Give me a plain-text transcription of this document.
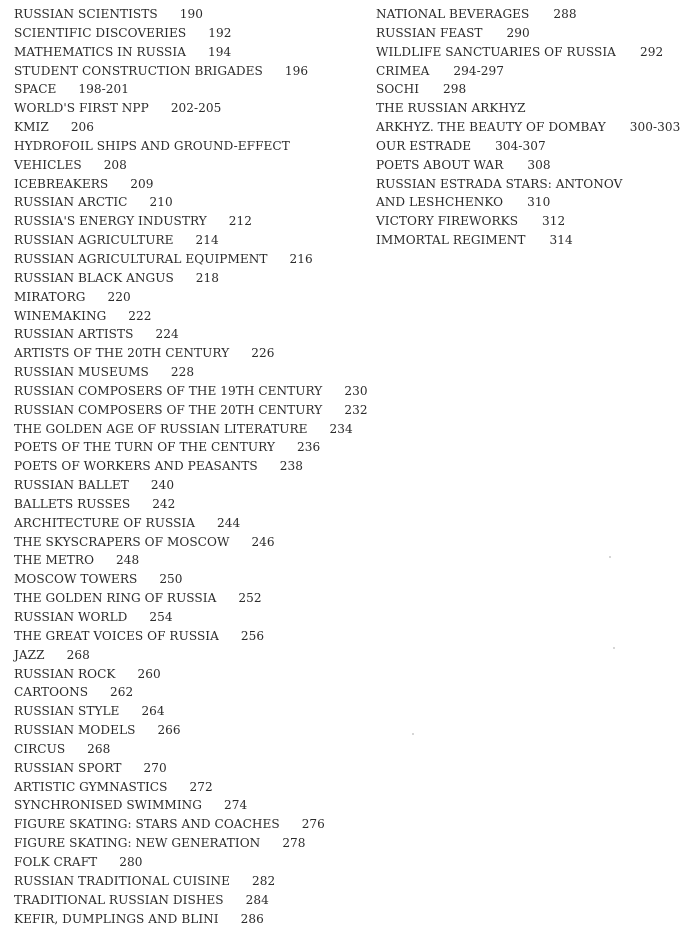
RUSSIAN SCIENTISTS 190
SCIENTIFIC DISCOVERIES 192
MATHEMATICS IN RUSSIA 194
STUDENT CONSTRUCTION BRIGADES 196
SPACE 198-201
WORLD'S FIRST NPP 202-205
KMIZ 206
HYDROFOIL SHIPS AND GROUND-EFFECT
VEHICLES 208
ICEBREAKERS 209
RUSSIAN ARCTIC 210
RUSSIA'S ENERGY INDUSTRY 212
RUSSIAN AGRICULTURE 214
RUSSIAN AGRICULTURAL EQUIPMENT 216
RUSSIAN BLACK ANGUS 218
MIRATORG 220
WINEMAKING 222
RUSSIAN ARTISTS 224
ARTISTS OF THE 20TH CENTURY 226
RUSSIAN MUSEUMS 228
RUSSIAN COMPOSERS OF THE 19TH CENTURY 230
RUSSIAN COMPOSERS OF THE 20TH CENTURY 232
THE GOLDEN AGE OF RUSSIAN LITERATURE 234
POETS OF THE TURN OF THE CENTURY 236
POETS OF WORKERS AND PEASANTS 238
RUSSIAN BALLET 240
BALLETS RUSSES 242
ARCHITECTURE OF RUSSIA 244
THE SKYSCRAPERS OF MOSCOW 246
THE METRO 248
MOSCOW TOWERS 250
THE GOLDEN RING OF RUSSIA 252
RUSSIAN WORLD 254
THE GREAT VOICES OF RUSSIA 256
JAZZ 268
RUSSIAN ROCK 260
CARTOONS 262
RUSSIAN STYLE 264
RUSSIAN MODELS 266
CIRCUS 268
RUSSIAN SPORT 270
ARTISTIC GYMNASTICS 272
SYNCHRONISED SWIMMING 274
FIGURE SKATING: STARS AND COACHES 276
FIGURE SKATING: NEW GENERATION 278
FOLK CRAFT 280
RUSSIAN TRADITIONAL CUISINE 282
TRADITIONAL RUSSIAN DISHES 284
KEFIR, DUMPLINGS AND BLINI 286
NATIONAL BEVERAGES 288
RUSSIAN FEAST 290
WILDLIFE SANCTUARIES OF RUSSIA 292
CRIMEA 294-297
SOCHI 298
THE RUSSIAN ARKHYZ
ARKHYZ. THE BEAUTY OF DOMBAY 300-303
OUR ESTRADE 304-307
POETS ABOUT WAR 308
RUSSIAN ESTRADA STARS: ANTONOV
AND LESHCHENKO 310
VICTORY FIREWORKS 312
IMMORTAL REGIMENT 314
